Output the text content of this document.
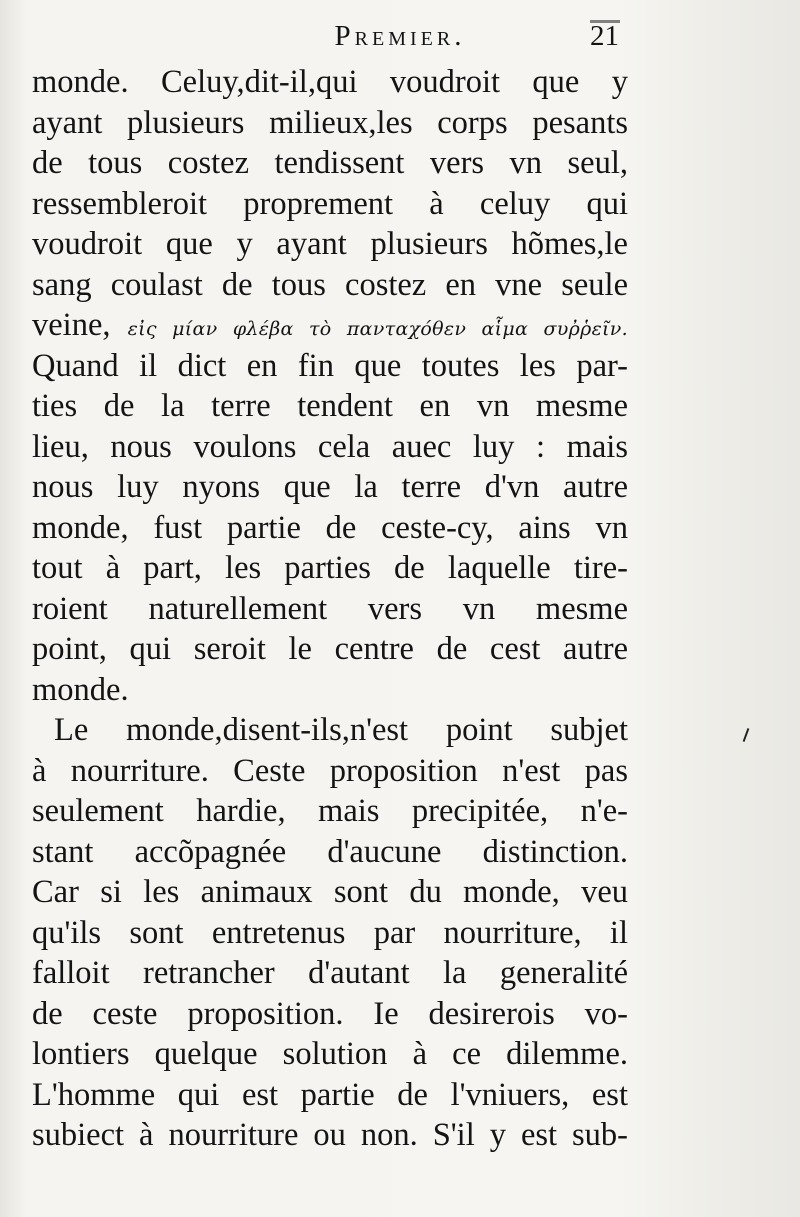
Premier.	21
monde. Celuy,dit-il,qui voudroit que y
ayant plusieurs milieux,les corps pesants
de tous costez tendissent vers vn seul,
ressembleroit proprement à celuy qui
voudroit que y ayant plusieurs hõmes,le
sang coulast de tous costez en vne seule
veine, εἰς μίαν φλέβα τὸ πανταχόθεν αἷμα συῤῥεῖν.
Quand il dict en fin que toutes les par-
ties de la terre tendent en vn mesme
lieu, nous voulons cela auec luy : mais
nous luy nyons que la terre d'vn autre
monde, fust partie de ceste-cy, ains vn
tout à part, les parties de laquelle tire-
roient naturellement vers vn mesme
point, qui seroit le centre de cest autre
monde.
Le monde,disent-ils,n'est point subjet
à nourriture. Ceste proposition n'est pas
seulement hardie, mais precipitée, n'e-
stant accõpagnée d'aucune distinction.
Car si les animaux sont du monde, veu
qu'ils sont entretenus par nourriture, il
falloit retrancher d'autant la generalité
de ceste proposition. Ie desirerois vo-
lontiers quelque solution à ce dilemme.
L'homme qui est partie de l'vniuers, est
subiect à nourriture ou non. S'il y est sub-
